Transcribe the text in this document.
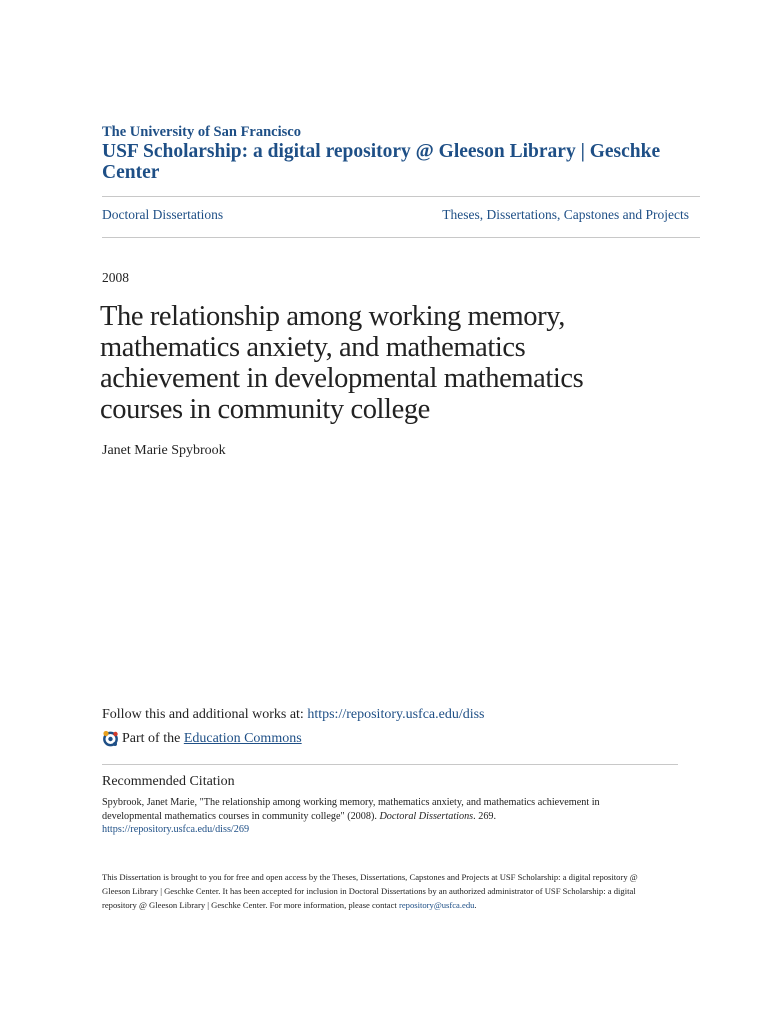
The University of San Francisco
USF Scholarship: a digital repository @ Gleeson Library | Geschke Center
Doctoral Dissertations	Theses, Dissertations, Capstones and Projects
2008
The relationship among working memory, mathematics anxiety, and mathematics achievement in developmental mathematics courses in community college
Janet Marie Spybrook
Follow this and additional works at: https://repository.usfca.edu/diss
Part of the
Education Commons
Recommended Citation
Spybrook, Janet Marie, "The relationship among working memory, mathematics anxiety, and mathematics achievement in developmental mathematics courses in community college" (2008). Doctoral Dissertations. 269.
https://repository.usfca.edu/diss/269
This Dissertation is brought to you for free and open access by the Theses, Dissertations, Capstones and Projects at USF Scholarship: a digital repository @ Gleeson Library | Geschke Center. It has been accepted for inclusion in Doctoral Dissertations by an authorized administrator of USF Scholarship: a digital repository @ Gleeson Library | Geschke Center. For more information, please contact repository@usfca.edu.
